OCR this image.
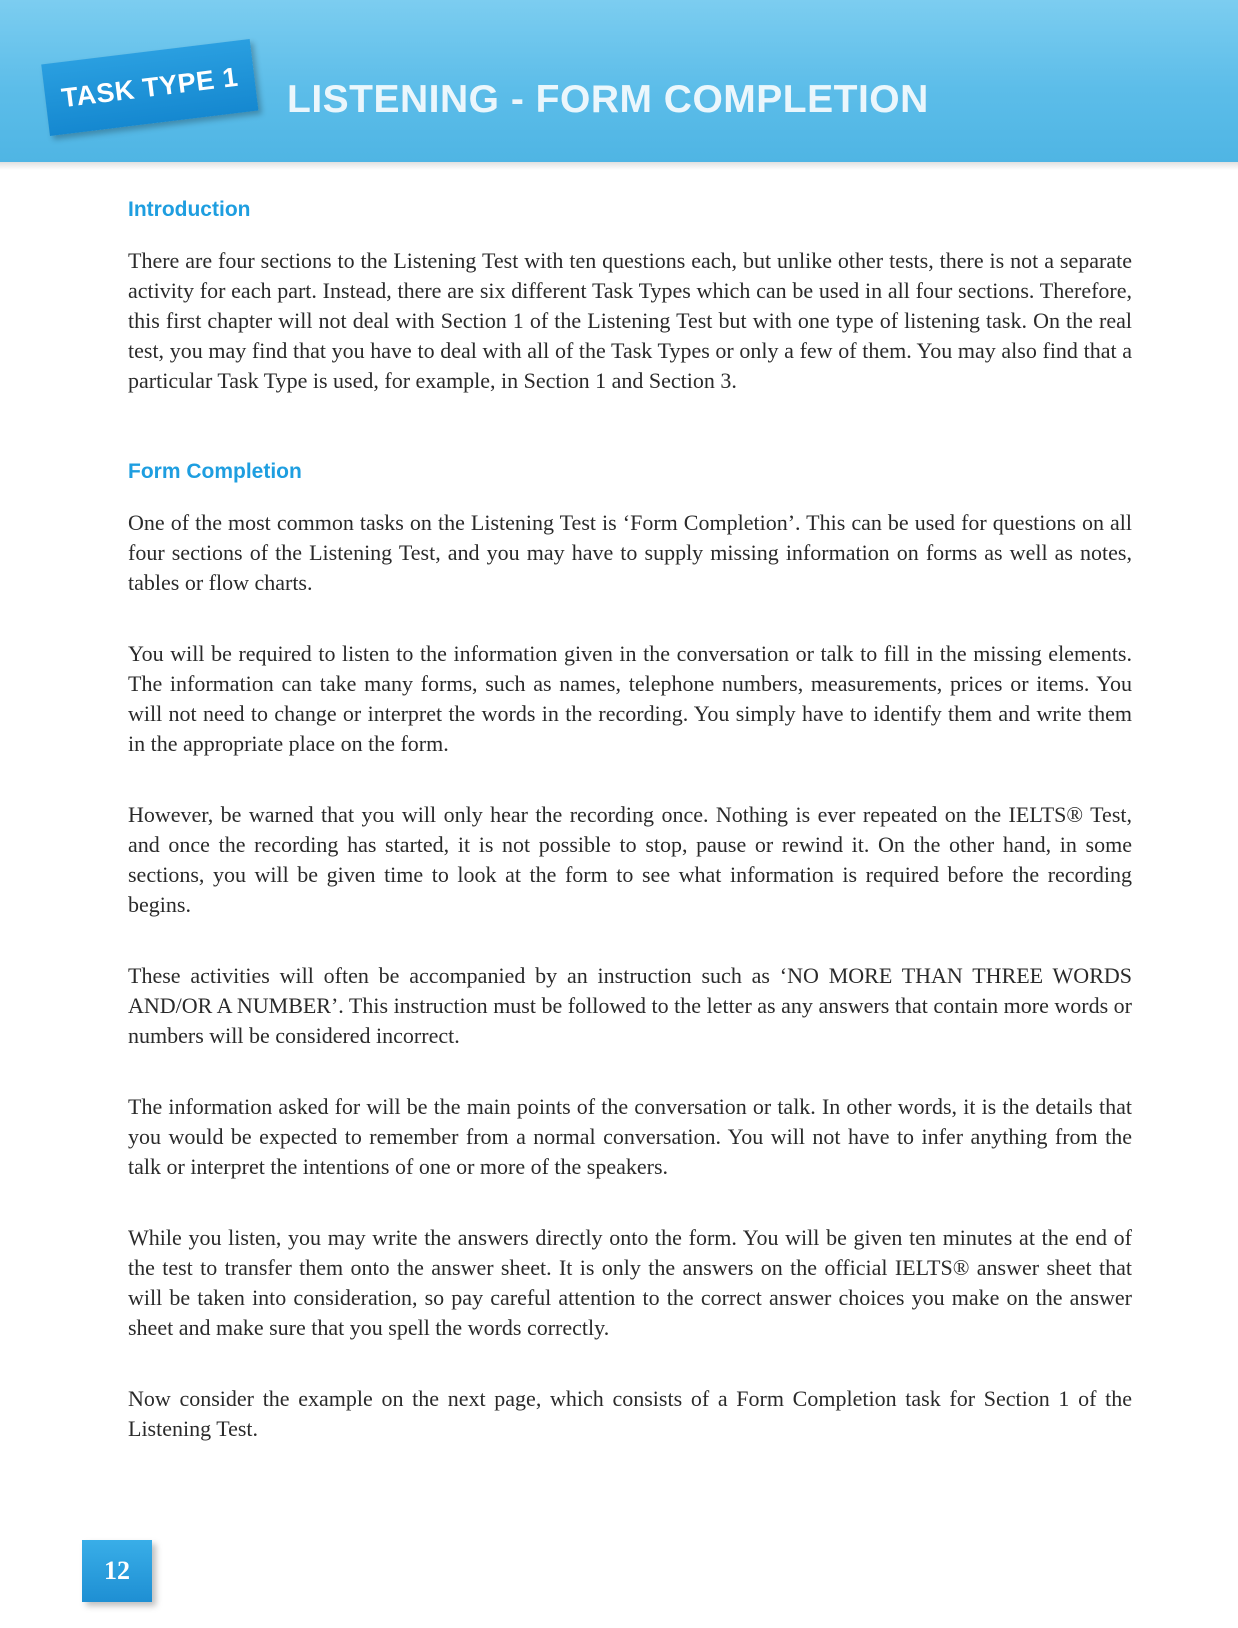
TASK TYPE 1 LISTENING - FORM COMPLETION
Introduction

There are four sections to the Listening Test with ten questions each, but unlike other tests, there is not a separate activity for each part. Instead, there are six different Task Types which can be used in all four sections. Therefore, this first chapter will not deal with Section 1 of the Listening Test but with one type of listening task. On the real test, you may find that you have to deal with all of the Task Types or only a few of them. You may also find that a particular Task Type is used, for example, in Section 1 and Section 3.

Form Completion

One of the most common tasks on the Listening Test is ‘Form Completion’. This can be used for questions on all four sections of the Listening Test, and you may have to supply missing information on forms as well as notes, tables or flow charts.

You will be required to listen to the information given in the conversation or talk to fill in the missing elements. The information can take many forms, such as names, telephone numbers, measurements, prices or items. You will not need to change or interpret the words in the recording. You simply have to identify them and write them in the appropriate place on the form.

However, be warned that you will only hear the recording once. Nothing is ever repeated on the IELTS® Test, and once the recording has started, it is not possible to stop, pause or rewind it. On the other hand, in some sections, you will be given time to look at the form to see what information is required before the recording begins.

These activities will often be accompanied by an instruction such as ‘NO MORE THAN THREE WORDS AND/OR A NUMBER’. This instruction must be followed to the letter as any answers that contain more words or numbers will be considered incorrect.

The information asked for will be the main points of the conversation or talk. In other words, it is the details that you would be expected to remember from a normal conversation. You will not have to infer anything from the talk or interpret the intentions of one or more of the speakers.

While you listen, you may write the answers directly onto the form. You will be given ten minutes at the end of the test to transfer them onto the answer sheet. It is only the answers on the official IELTS® answer sheet that will be taken into consideration, so pay careful attention to the correct answer choices you make on the answer sheet and make sure that you spell the words correctly.

Now consider the example on the next page, which consists of a Form Completion task for Section 1 of the Listening Test.

12
